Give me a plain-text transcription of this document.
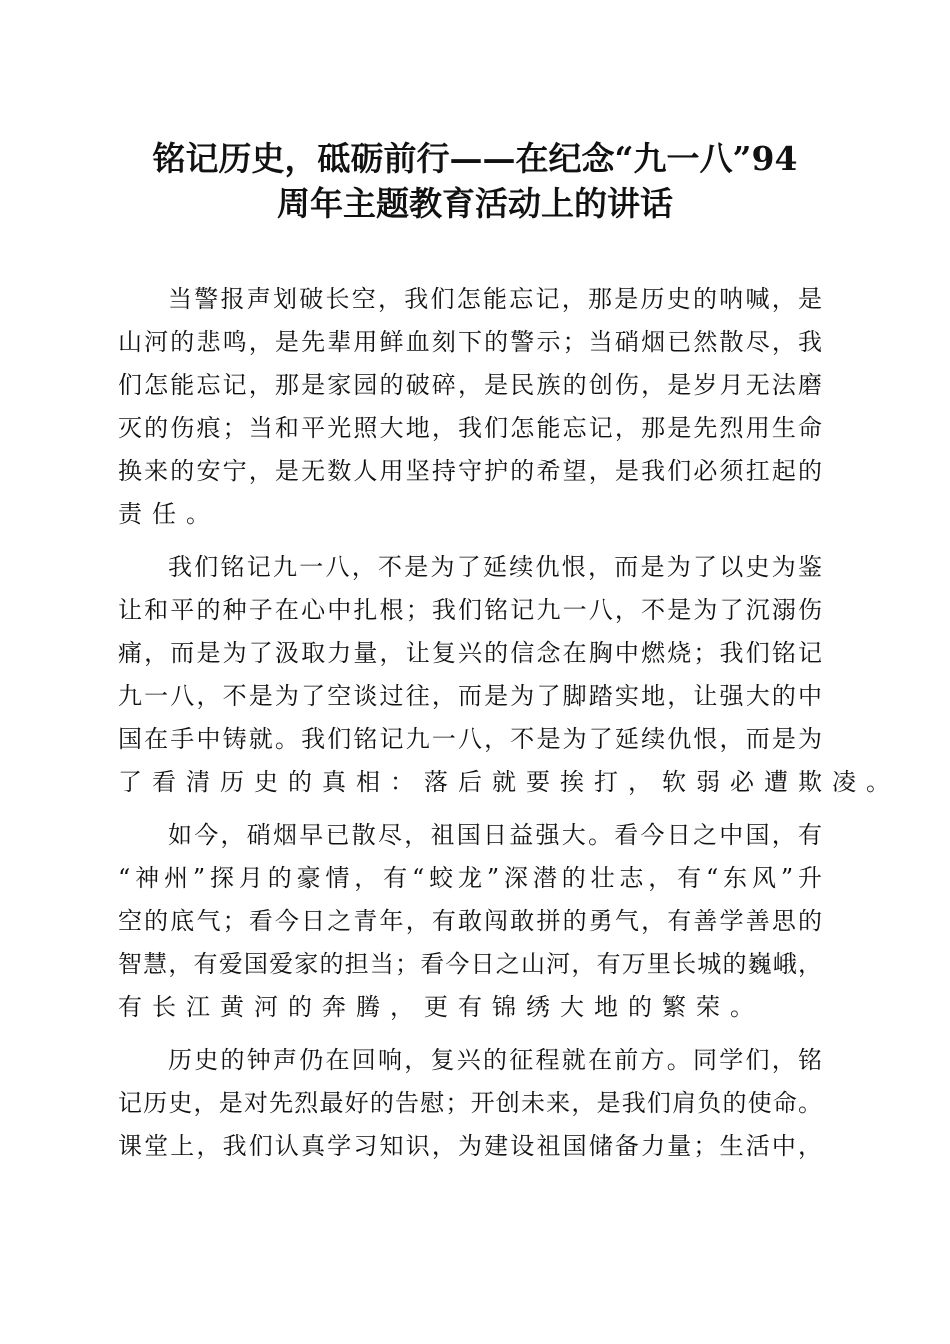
铭记历史，砥砺前行——在纪念“九一八”94
周年主题教育活动上的讲话
当警报声划破长空，我们怎能忘记，那是历史的呐喊，是
山河的悲鸣，是先辈用鲜血刻下的警示；当硝烟已然散尽，我
们怎能忘记，那是家园的破碎，是民族的创伤，是岁月无法磨
灭的伤痕；当和平光照大地，我们怎能忘记，那是先烈用生命
换来的安宁，是无数人用坚持守护的希望，是我们必须扛起的
责任。
我们铭记九一八，不是为了延续仇恨，而是为了以史为鉴
让和平的种子在心中扎根；我们铭记九一八，不是为了沉溺伤
痛，而是为了汲取力量，让复兴的信念在胸中燃烧；我们铭记
九一八，不是为了空谈过往，而是为了脚踏实地，让强大的中
国在手中铸就。我们铭记九一八，不是为了延续仇恨，而是为
了看清历史的真相：落后就要挨打，软弱必遭欺凌。
如今，硝烟早已散尽，祖国日益强大。看今日之中国，有
“神州”探月的豪情，有“蛟龙”深潜的壮志，有“东风”升
空的底气；看今日之青年，有敢闯敢拼的勇气，有善学善思的
智慧，有爱国爱家的担当；看今日之山河，有万里长城的巍峨，
有长江黄河的奔腾，更有锦绣大地的繁荣。
历史的钟声仍在回响，复兴的征程就在前方。同学们，铭
记历史，是对先烈最好的告慰；开创未来，是我们肩负的使命。
课堂上，我们认真学习知识，为建设祖国储备力量；生活中，
